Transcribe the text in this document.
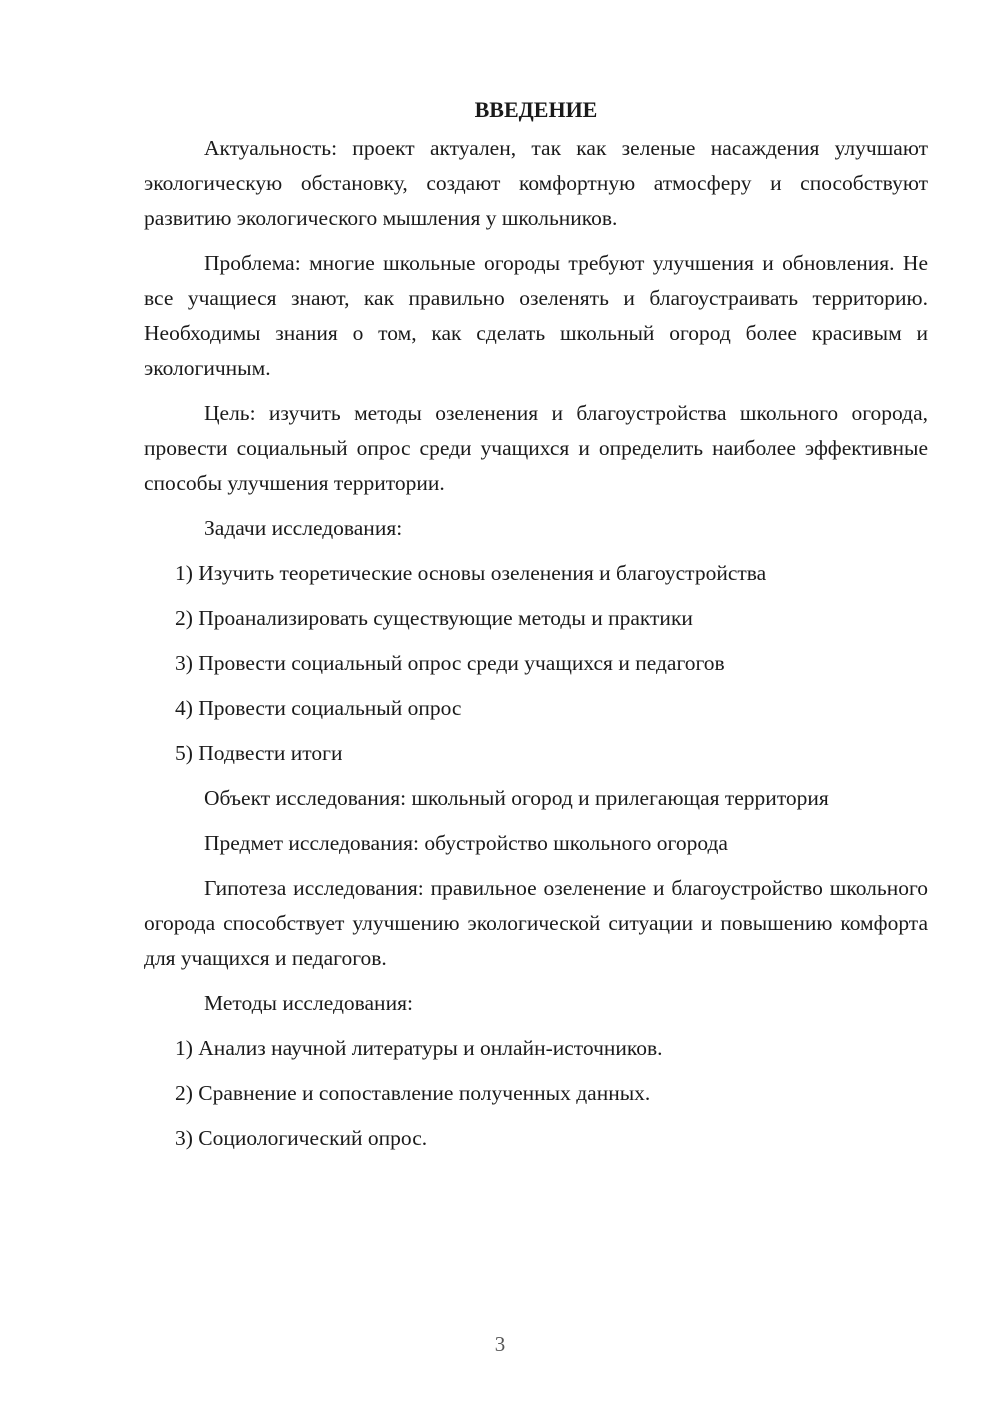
ВВЕДЕНИЕ

Актуальность: проект актуален, так как зеленые насаждения улучшают экологическую обстановку, создают комфортную атмосферу и способствуют развитию экологического мышления у школьников.

Проблема: многие школьные огороды требуют улучшения и обновления. Не все учащиеся знают, как правильно озеленять и благоустраивать территорию. Необходимы знания о том, как сделать школьный огород более красивым и экологичным.

Цель: изучить методы озеленения и благоустройства школьного огорода, провести социальный опрос среди учащихся и определить наиболее эффективные способы улучшения территории.

Задачи исследования:

1) Изучить теоретические основы озеленения и благоустройства
2) Проанализировать существующие методы и практики
3) Провести социальный опрос среди учащихся и педагогов
4) Провести социальный опрос
5) Подвести итоги

Объект исследования: школьный огород и прилегающая территория

Предмет исследования: обустройство школьного огорода

Гипотеза исследования: правильное озеленение и благоустройство школьного огорода способствует улучшению экологической ситуации и повышению комфорта для учащихся и педагогов.

Методы исследования:

1) Анализ научной литературы и онлайн-источников.
2) Сравнение и сопоставление полученных данных.
3) Социологический опрос.
3
